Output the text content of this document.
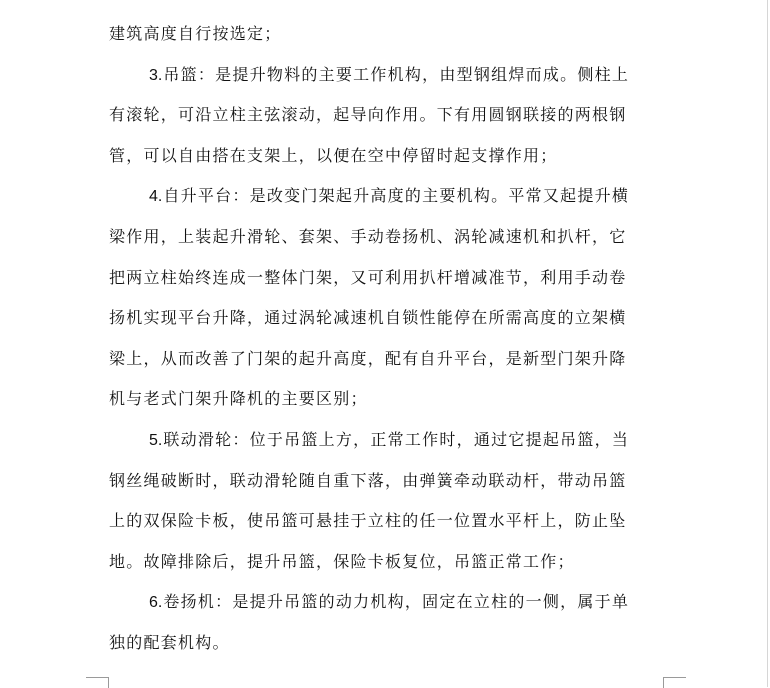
建筑高度自行按选定；
3.吊篮：是提升物料的主要工作机构，由型钢组焊而成。侧柱上
有滚轮，可沿立柱主弦滚动，起导向作用。下有用圆钢联接的两根钢
管，可以自由搭在支架上，以便在空中停留时起支撑作用；
4.自升平台：是改变门架起升高度的主要机构。平常又起提升横
梁作用，上装起升滑轮、套架、手动卷扬机、涡轮减速机和扒杆，它
把两立柱始终连成一整体门架，又可利用扒杆增减准节，利用手动卷
扬机实现平台升降，通过涡轮减速机自锁性能停在所需高度的立架横
梁上，从而改善了门架的起升高度，配有自升平台，是新型门架升降
机与老式门架升降机的主要区别；
5.联动滑轮：位于吊篮上方，正常工作时，通过它提起吊篮，当
钢丝绳破断时，联动滑轮随自重下落，由弹簧牵动联动杆，带动吊篮
上的双保险卡板，使吊篮可悬挂于立柱的任一位置水平杆上，防止坠
地。故障排除后，提升吊篮，保险卡板复位，吊篮正常工作；
6.卷扬机：是提升吊篮的动力机构，固定在立柱的一侧，属于单
独的配套机构。
